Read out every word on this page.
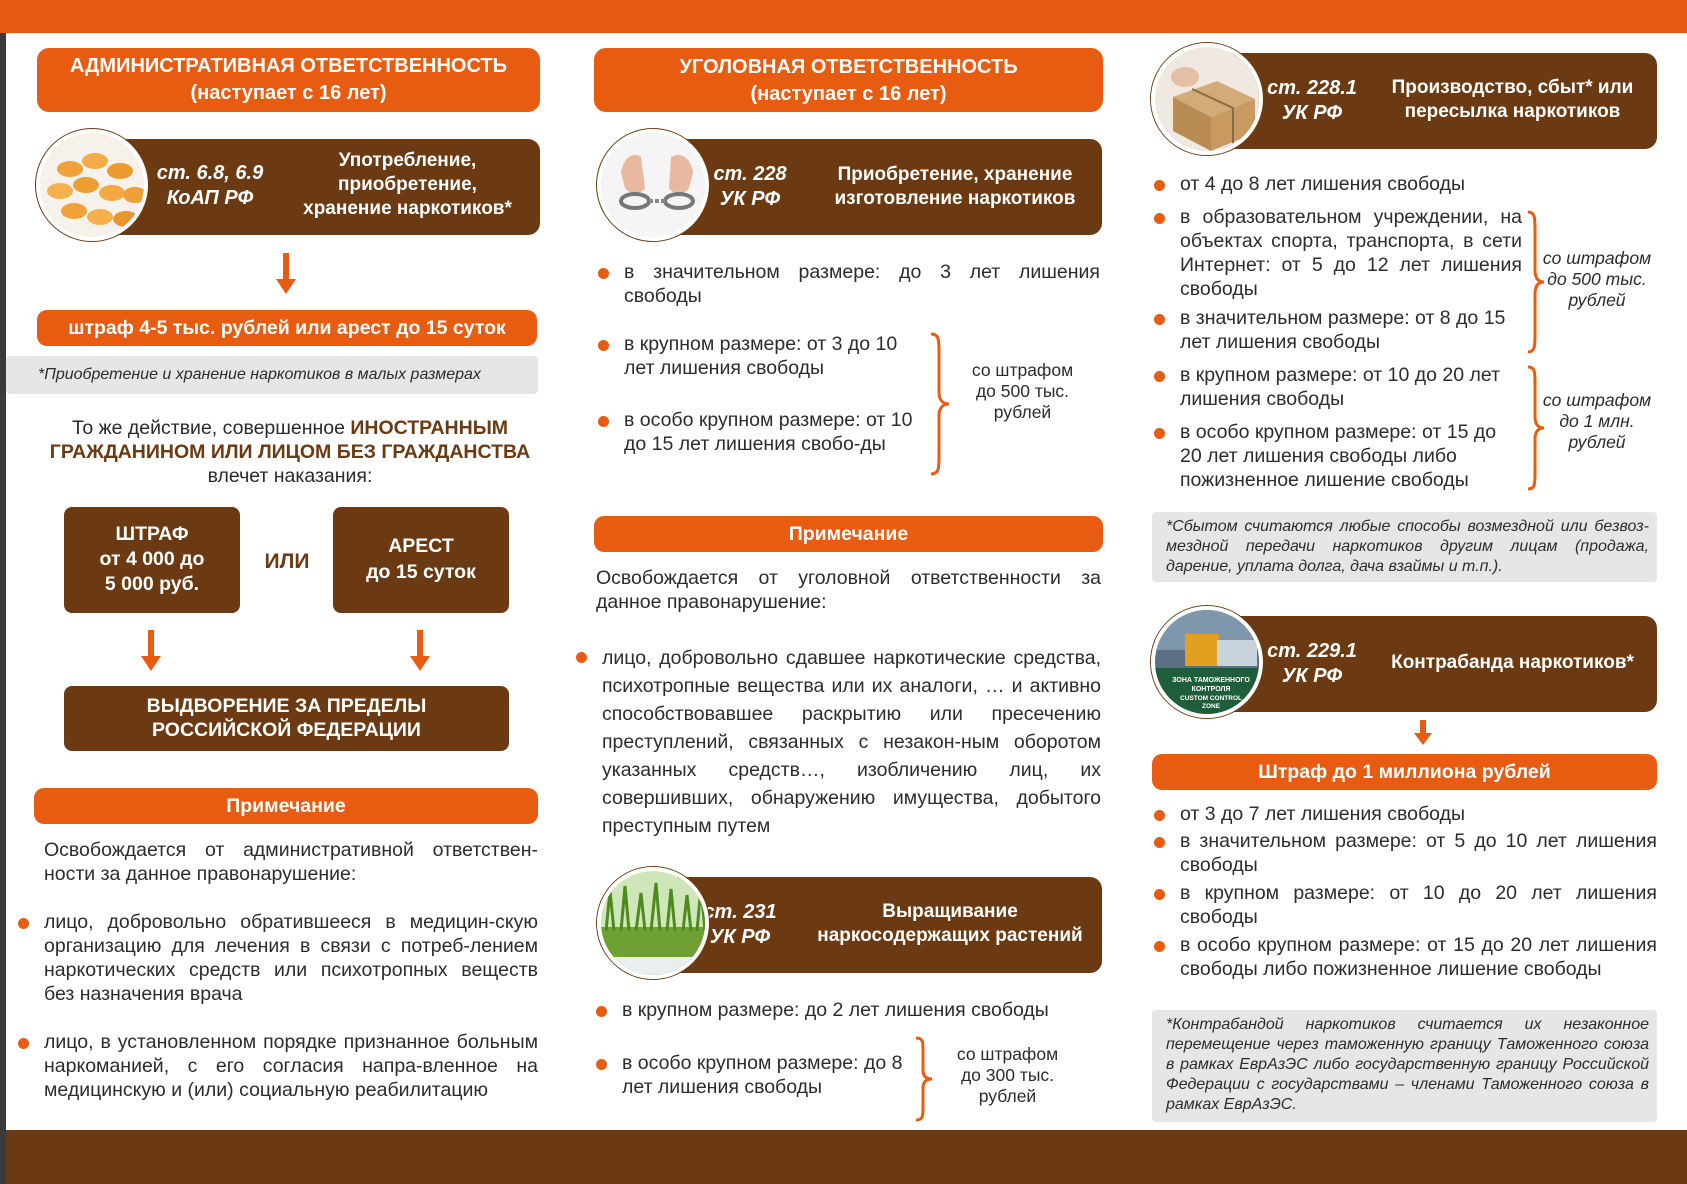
АДМИНИСТРАТИВНАЯ ОТВЕТСТВЕННОСТЬ
(наступает с 16 лет)
ст. 6.8, 6.9
КоАП РФ
Употребление,
приобретение,
хранение наркотиков*
штраф 4-5 тыс. рублей или арест до 15 суток
*Приобретение и хранение наркотиков в малых размерах
То же действие, совершенное ИНОСТРАННЫМ
ГРАЖДАНИНОМ ИЛИ ЛИЦОМ БЕЗ ГРАЖДАНСТВА
влечет наказания:
ШТРАФ
от 4 000 до
5 000 руб.
ИЛИ
АРЕСТ
до 15 суток
ВЫДВОРЕНИЕ ЗА ПРЕДЕЛЫ
РОССИЙСКОЙ ФЕДЕРАЦИИ
Примечание
Освобождается от административной ответствен-ности за данное правонарушение:
лицо, добровольно обратившееся в медицин-скую организацию для лечения в связи с потреб-лением наркотических средств или психотропных веществ без назначения врача
лицо, в установленном порядке признанное больным наркоманией, с его согласия напра-вленное на медицинскую и (или) социальную реабилитацию
УГОЛОВНАЯ ОТВЕТСТВЕННОСТЬ
(наступает с 16 лет)
ст. 228
УК РФ
Приобретение, хранение
изготовление наркотиков
в значительном размере: до 3 лет лишения свободы
в крупном размере: от 3 до 10 лет лишения свободы
в особо крупном размере: от 10 до 15 лет лишения свобо-ды
со штрафом
до 500 тыс.
рублей
Примечание
Освобождается от уголовной ответственности за данное правонарушение:
лицо, добровольно сдавшее наркотические средства, психотропные вещества или их аналоги, … и активно способствовавшее раскрытию или пресечению преступлений, связанных с незакон-ным оборотом указанных средств…, изобличению лиц, их совершивших, обнаружению имущества, добытого преступным путем
ст. 231
УК РФ
Выращивание
наркосодержащих растений
в крупном размере: до 2 лет лишения свободы
в особо крупном размере: до 8 лет лишения свободы
со штрафом
до 300 тыс.
рублей
ст. 228.1
УК РФ
Производство, сбыт* или
пересылка наркотиков
от 4 до 8 лет лишения свободы
в образовательном учреждении, на объектах спорта, транспорта, в сети Интернет: от 5 до 12 лет лишения свободы
в значительном размере: от 8 до 15 лет лишения свободы
со штрафом
до 500 тыс.
рублей
в крупном размере: от 10 до 20 лет лишения свободы
в особо крупном размере: от 15 до 20 лет лишения свободы либо пожизненное лишение свободы
со штрафом
до 1 млн.
рублей
*Сбытом считаются любые способы возмездной или безвоз-мездной передачи наркотиков другим лицам (продажа, дарение, уплата долга, дача взаймы и т.п.).
ст. 229.1
УК РФ
Контрабанда наркотиков*
ЗОНА ТАМОЖЕННОГО
КОНТРОЛЯ
CUSTOM CONTROL
ZONE
Штраф до 1 миллиона рублей
от 3 до 7 лет лишения свободы
в значительном размере: от 5 до 10 лет лишения свободы
в крупном размере: от 10 до 20 лет лишения свободы
в особо крупном размере: от 15 до 20 лет лишения свободы либо пожизненное лишение свободы
*Контрабандой наркотиков считается их незаконное перемещение через таможенную границу Таможенного союза в рамках ЕврАзЭС либо государственную границу Российской Федерации с государствами – членами Таможенного союза в рамках ЕврАзЭС.
